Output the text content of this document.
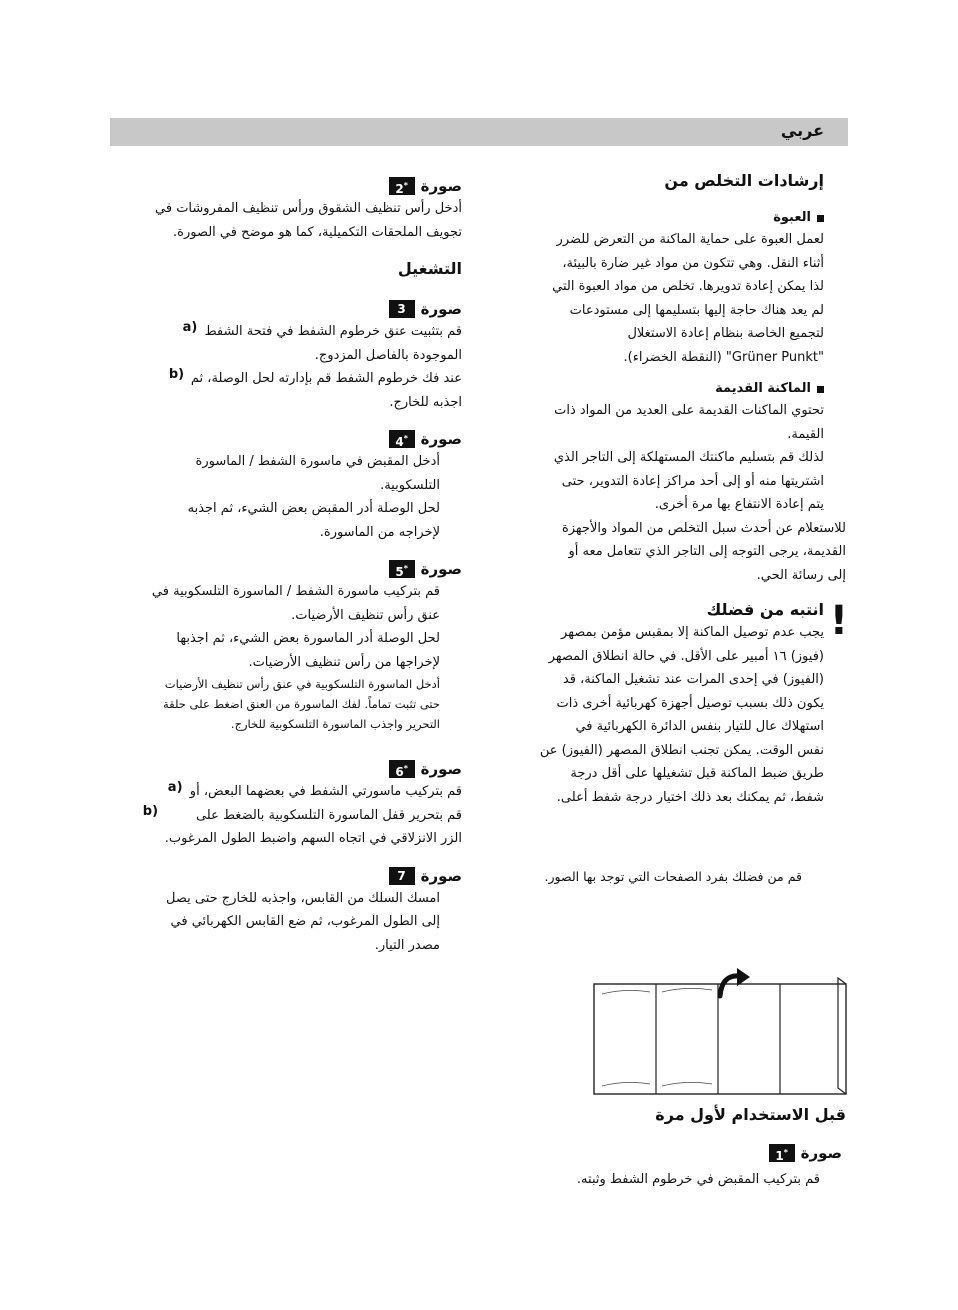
عربي
إرشادات التخلص من
العبوة

لعمل العبوة على حماية الماكنة من التعرض للضرر

أثناء النقل. وهي تتكون من مواد غير ضارة بالبيئة،

لذا يمكن إعادة تدويرها. تخلص من مواد العبوة التي

لم يعد هناك حاجة إليها بتسليمها إلى مستودعات

لتجميع الخاصة بنظام إعادة الاستغلال

"Grüner Punkt" (النقطة الخضراء).

الماكنة القديمة

تحتوي الماكنات القديمة على العديد من المواد ذات

القيمة.

لذلك قم بتسليم ماكنتك المستهلكة إلى التاجر الذي

اشتريتها منه أو إلى أحد مراكز إعادة التدوير، حتى

يتم إعادة الانتفاع بها مرة أخرى.

للاستعلام عن أحدث سبل التخلص من المواد والأجهزة

القديمة، يرجى التوجه إلى التاجر الذي تتعامل معه أو

إلى رسائة الحي.

!
انتبه من فضلك

يجب عدم توصيل الماكنة إلا بمقبس مؤمن بمصهر

(فيوز) ١٦ أمبير على الأقل. في حالة انطلاق المصهر

(الفيوز) في إحدى المرات عند تشغيل الماكنة، قد

يكون ذلك بسبب توصيل أجهزة كهربائية أخرى ذات

استهلاك عال للتيار بنفس الدائرة الكهربائية في

نفس الوقت. يمكن تجنب انطلاق المصهر (الفيوز) عن

طريق ضبط الماكنة قبل تشغيلها على أقل درجة

شفط، ثم يمكنك بعد ذلك اختيار درجة شفط أعلى.

قم من فضلك بفرد الصفحات التي توجد بها الصور.

قبل الاستخدام لأول مرة
صورة
1*

قم بتركيب المقبض في خرطوم الشفط وثبته.

صورة
2*

أدخل رأس تنظيف الشقوق ورأس تنظيف المفروشات في

تجويف الملحقات التكميلية، كما هو موضح في الصورة.

التشغيل
صورة
3

قم بتثبيت عنق خرطوم الشفط في فتحة الشفط

الموجودة بالفاصل المزدوج.

a)

عند فك خرطوم الشفط قم بإدارته لحل الوصلة، ثم

اجذبه للخارج.

b)
صورة
4*

أدخل المقبض في ماسورة الشفط / الماسورة

التلسكوبية.

لحل الوصلة أدر المقبض بعض الشيء، ثم اجذبه

لإخراجه من الماسورة.

صورة
5*

قم بتركيب ماسورة الشفط / الماسورة التلسكوبية في

عنق رأس تنظيف الأرضيات.

لحل الوصلة أدر الماسورة بعض الشيء، ثم اجذبها

لإخراجها من رأس تنظيف الأرضيات.

أدخل الماسورة التلسكوبية في عنق رأس تنظيف الأرضيات

حتى تثبت تماماً. لفك الماسورة من العنق اضغط على حلقة

التحرير واجذب الماسورة التلسكوبية للخارج.

صورة
6*

قم بتركيب ماسورتي الشفط في بعضهما البعض، أو

a)

قم بتحرير قفل الماسورة التلسكوبية بالضغط على

الزر الانزلاقي في اتجاه السهم واضبط الطول المرغوب.

b)
صورة
7

امسك السلك من القابس، واجذبه للخارج حتى يصل

إلى الطول المرغوب، ثم ضع القابس الكهربائي في

مصدر التيار.
